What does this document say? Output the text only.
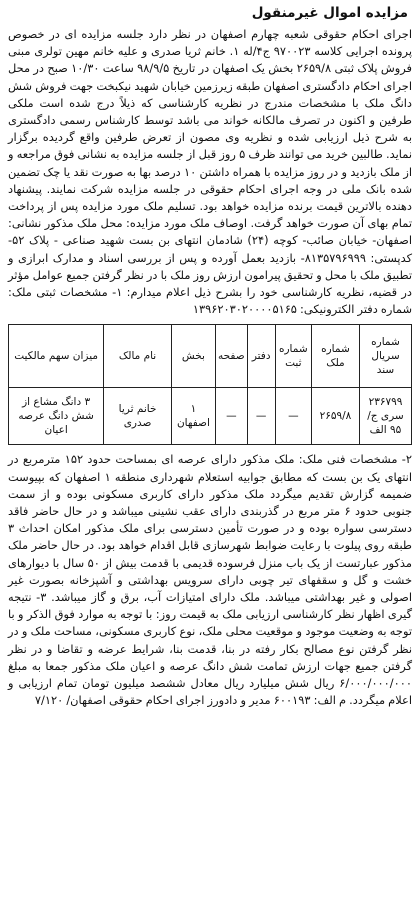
مزایده اموال غیرمنقول

اجرای احکام حقوقی شعبه چهارم اصفهان در نظر دارد جلسه مزایده ای در خصوص پرونده اجرایی کلاسه ۹۷۰۰۲۳ ج۴/له ۱. خانم ثریا صدری و علیه خانم مهین تولری مبنی فروش پلاک ثبتی ۲۶۵۹/۸ بخش یک اصفهان در تاریخ ۹۸/۹/۵ ساعت ۱۰/۳۰ صبح در محل اجرای احکام دادگستری اصفهان طبقه زیرزمین خیابان شهید نیکبخت جهت فروش شش دانگ ملک با مشخصات مندرج در نظریه کارشناسی که ذیلاً درج شده است ملکی طرفین و اکنون در تصرف مالکانه خواند می باشد توسط کارشناس رسمی دادگستری به شرح ذیل ارزیابی شده و نظریه وی مصون از تعرض طرفین واقع گردیده برگزار نماید. طالبین خرید می توانند ظرف ۵ روز قبل از جلسه مزایده به نشانی فوق مراجعه و از ملک بازدید و در روز مزایده با همراه داشتن ۱۰ درصد بها به صورت نقد یا چک تضمین شده بانک ملی در وجه اجرای احکام حقوقی در جلسه مزایده شرکت نمایند. پیشنهاد دهنده بالاترین قیمت برنده مزایده خواهد بود. تسلیم ملک مورد مزایده پس از پرداخت تمام بهای آن صورت خواهد گرفت. اوصاف ملک مورد مزایده: محل ملک مذکور نشانی: اصفهان- خیابان صائب- کوچه (۲۴) شادمان انتهای بن بست شهید صناعی - پلاک ۵۲- کدپستی: ۸۱۳۵۷۹۶۹۹۹- بازدید بعمل آورده و پس از بررسی اسناد و مدارک ابرازی و تطبیق ملک با محل و تحقیق پیرامون ارزش روز ملک با در نظر گرفتن جمیع عوامل مؤثر در قضیه، نظریه کارشناسی خود را بشرح ذیل اعلام میدارم: ۱- مشخصات ثبتی ملک: شماره دفتر الکترونیکی: ۱۳۹۶۲۰۳۰۲۰۰۰۰۵۱۶۵

شماره سریال سند	شماره ملک	شماره ثبت	دفتر	صفحه	بخش	نام مالک	میزان سهم مالکیت
۲۳۶۷۹۹ سری ج/۹۵ الف	۲۶۵۹/۸	—	—	—	۱ اصفهان	خانم ثریا صدری	۳ دانگ مشاع از شش دانگ عرصه اعیان

۲- مشخصات فنی ملک: ملک مذکور دارای عرصه ای بمساحت حدود ۱۵۲ مترمربع در انتهای یک بن بست که مطابق جوابیه استعلام شهرداری منطقه ۱ اصفهان که بپیوست ضمیمه گزارش تقدیم میگردد ملک مذکور دارای کاربری مسکونی بوده و از سمت جنوبی حدود ۶ متر مربع در گذربندی دارای عقب نشینی میباشد و در حال حاضر فاقد دسترسی سواره بوده و در صورت تأمین دسترسی برای ملک مذکور امکان احداث ۳ طبقه روی پیلوت با رعایت ضوابط شهرسازی قابل اقدام خواهد بود. در حال حاضر ملک مذکور عبارتست از یک باب منزل فرسوده قدیمی با قدمت بیش از ۵۰ سال با دیوارهای خشت و گل و سقفهای تیر چوبی دارای سرویس بهداشتی و آشپزخانه بصورت غیر اصولی و غیر بهداشتی میباشد. ملک دارای امتیازات آب، برق و گاز میباشد. ۳- نتیجه گیری اظهار نظر کارشناسی ارزیابی ملک به قیمت روز: با توجه به موارد فوق الذکر و با توجه به وضعیت موجود و موقعیت محلی ملک، نوع کاربری مسکونی، مساحت ملک و در نظر گرفتن نوع مصالح بکار رفته در بنا، قدمت بنا، شرایط عرضه و تقاضا و در نظر گرفتن جمیع جهات ارزش تمامت شش دانگ عرصه و اعیان ملک مذکور جمعا به مبلغ ۶/۰۰۰/۰۰۰/۰۰۰ ریال شش میلیارد ریال معادل ششصد میلیون تومان تمام ارزیابی و اعلام میگردد. م الف: ۶۰۰۱۹۳ مدیر و دادورز اجرای احکام حقوقی اصفهان/ ۷/۱۲۰
